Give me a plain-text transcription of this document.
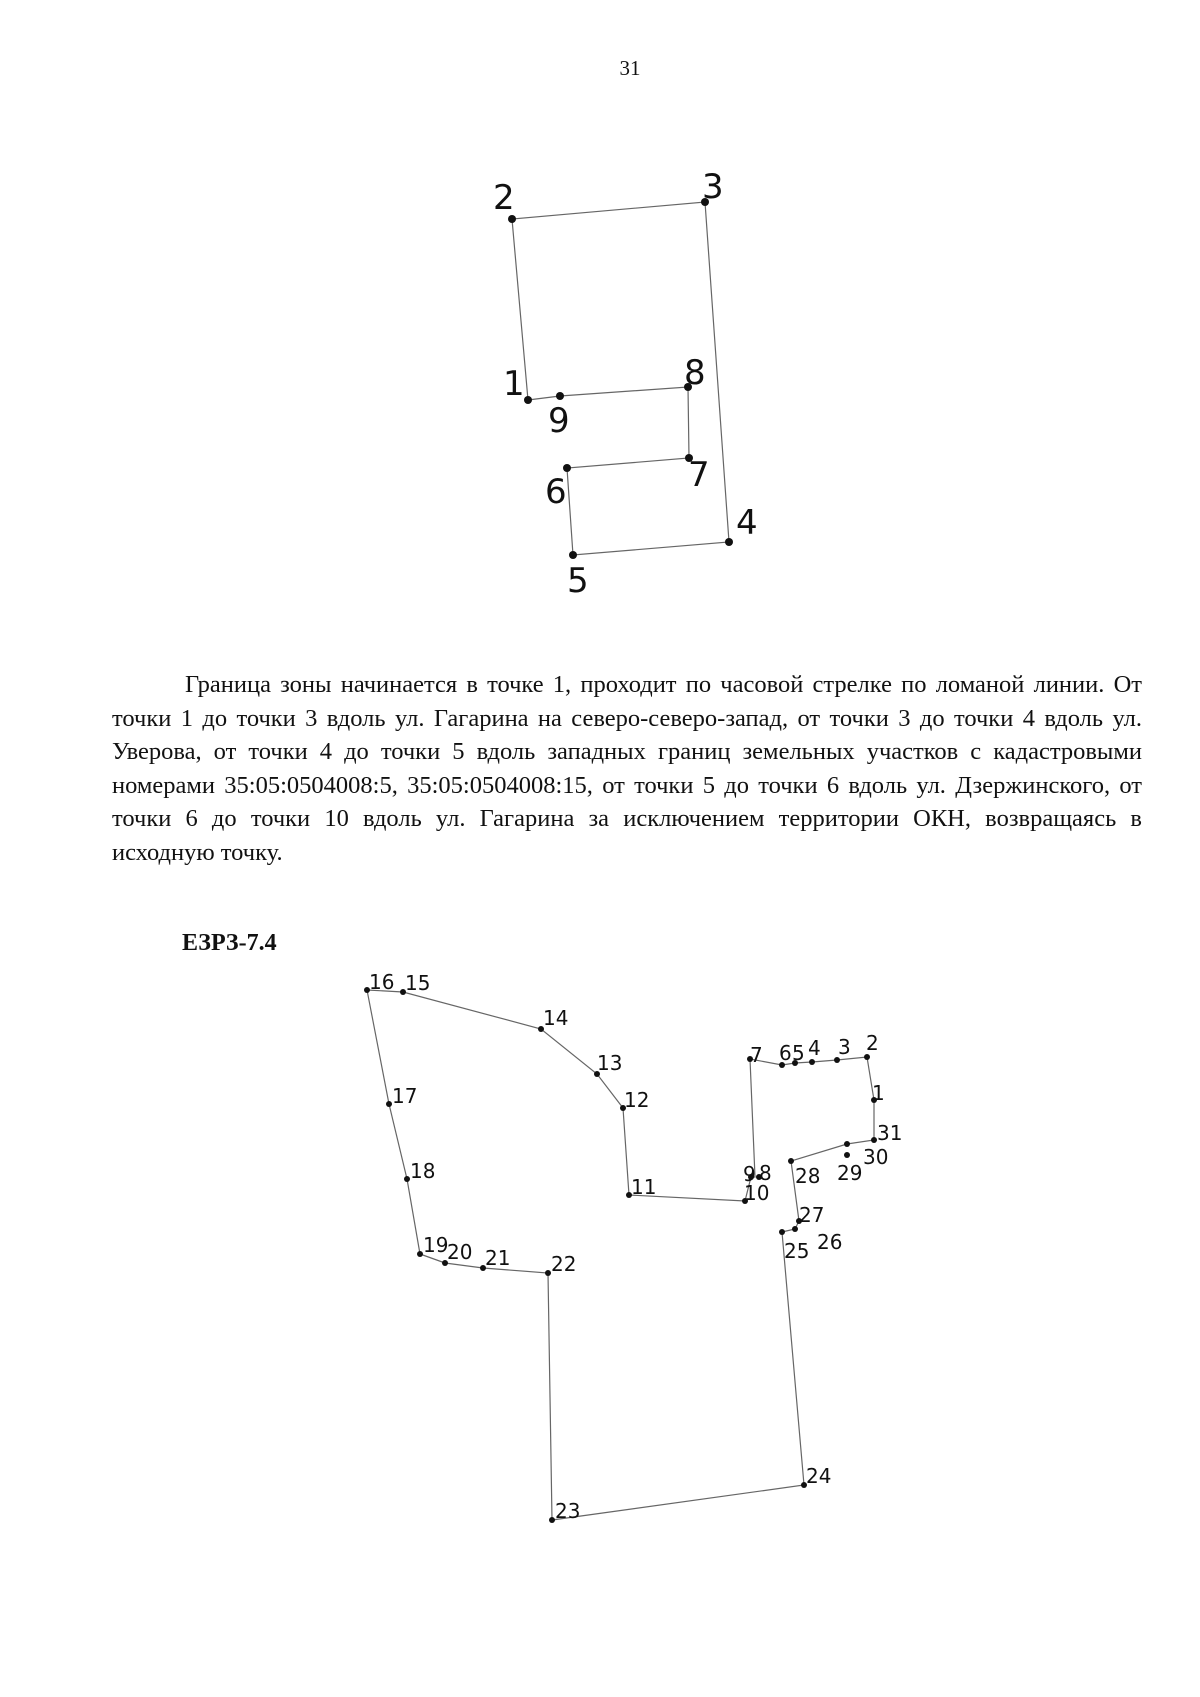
31
1
2	3
4
5
6	7
8
9
1
2
3
4
5
6
7
8
9
10
11
12
13
14
15
16
17
18
19
20 21 22
23
24
25 26
27
28 29
30
31

Граница зоны начинается в точке 1, проходит по часовой стрелке по ломаной линии. От точки 1 до точки 3 вдоль ул. Гагарина на северо-северо-запад, от точки 3 до точки 4 вдоль ул. Уверова, от точки 4 до точки 5 вдоль западных границ земельных участков с кадастровыми номерами 35:05:0504008:5, 35:05:0504008:15, от точки 5 до точки 6 вдоль ул. Дзержинского, от точки 6 до точки 10 вдоль ул. Гагарина за исключением территории ОКН, возвращаясь в исходную точку.

ЕЗРЗ-7.4
